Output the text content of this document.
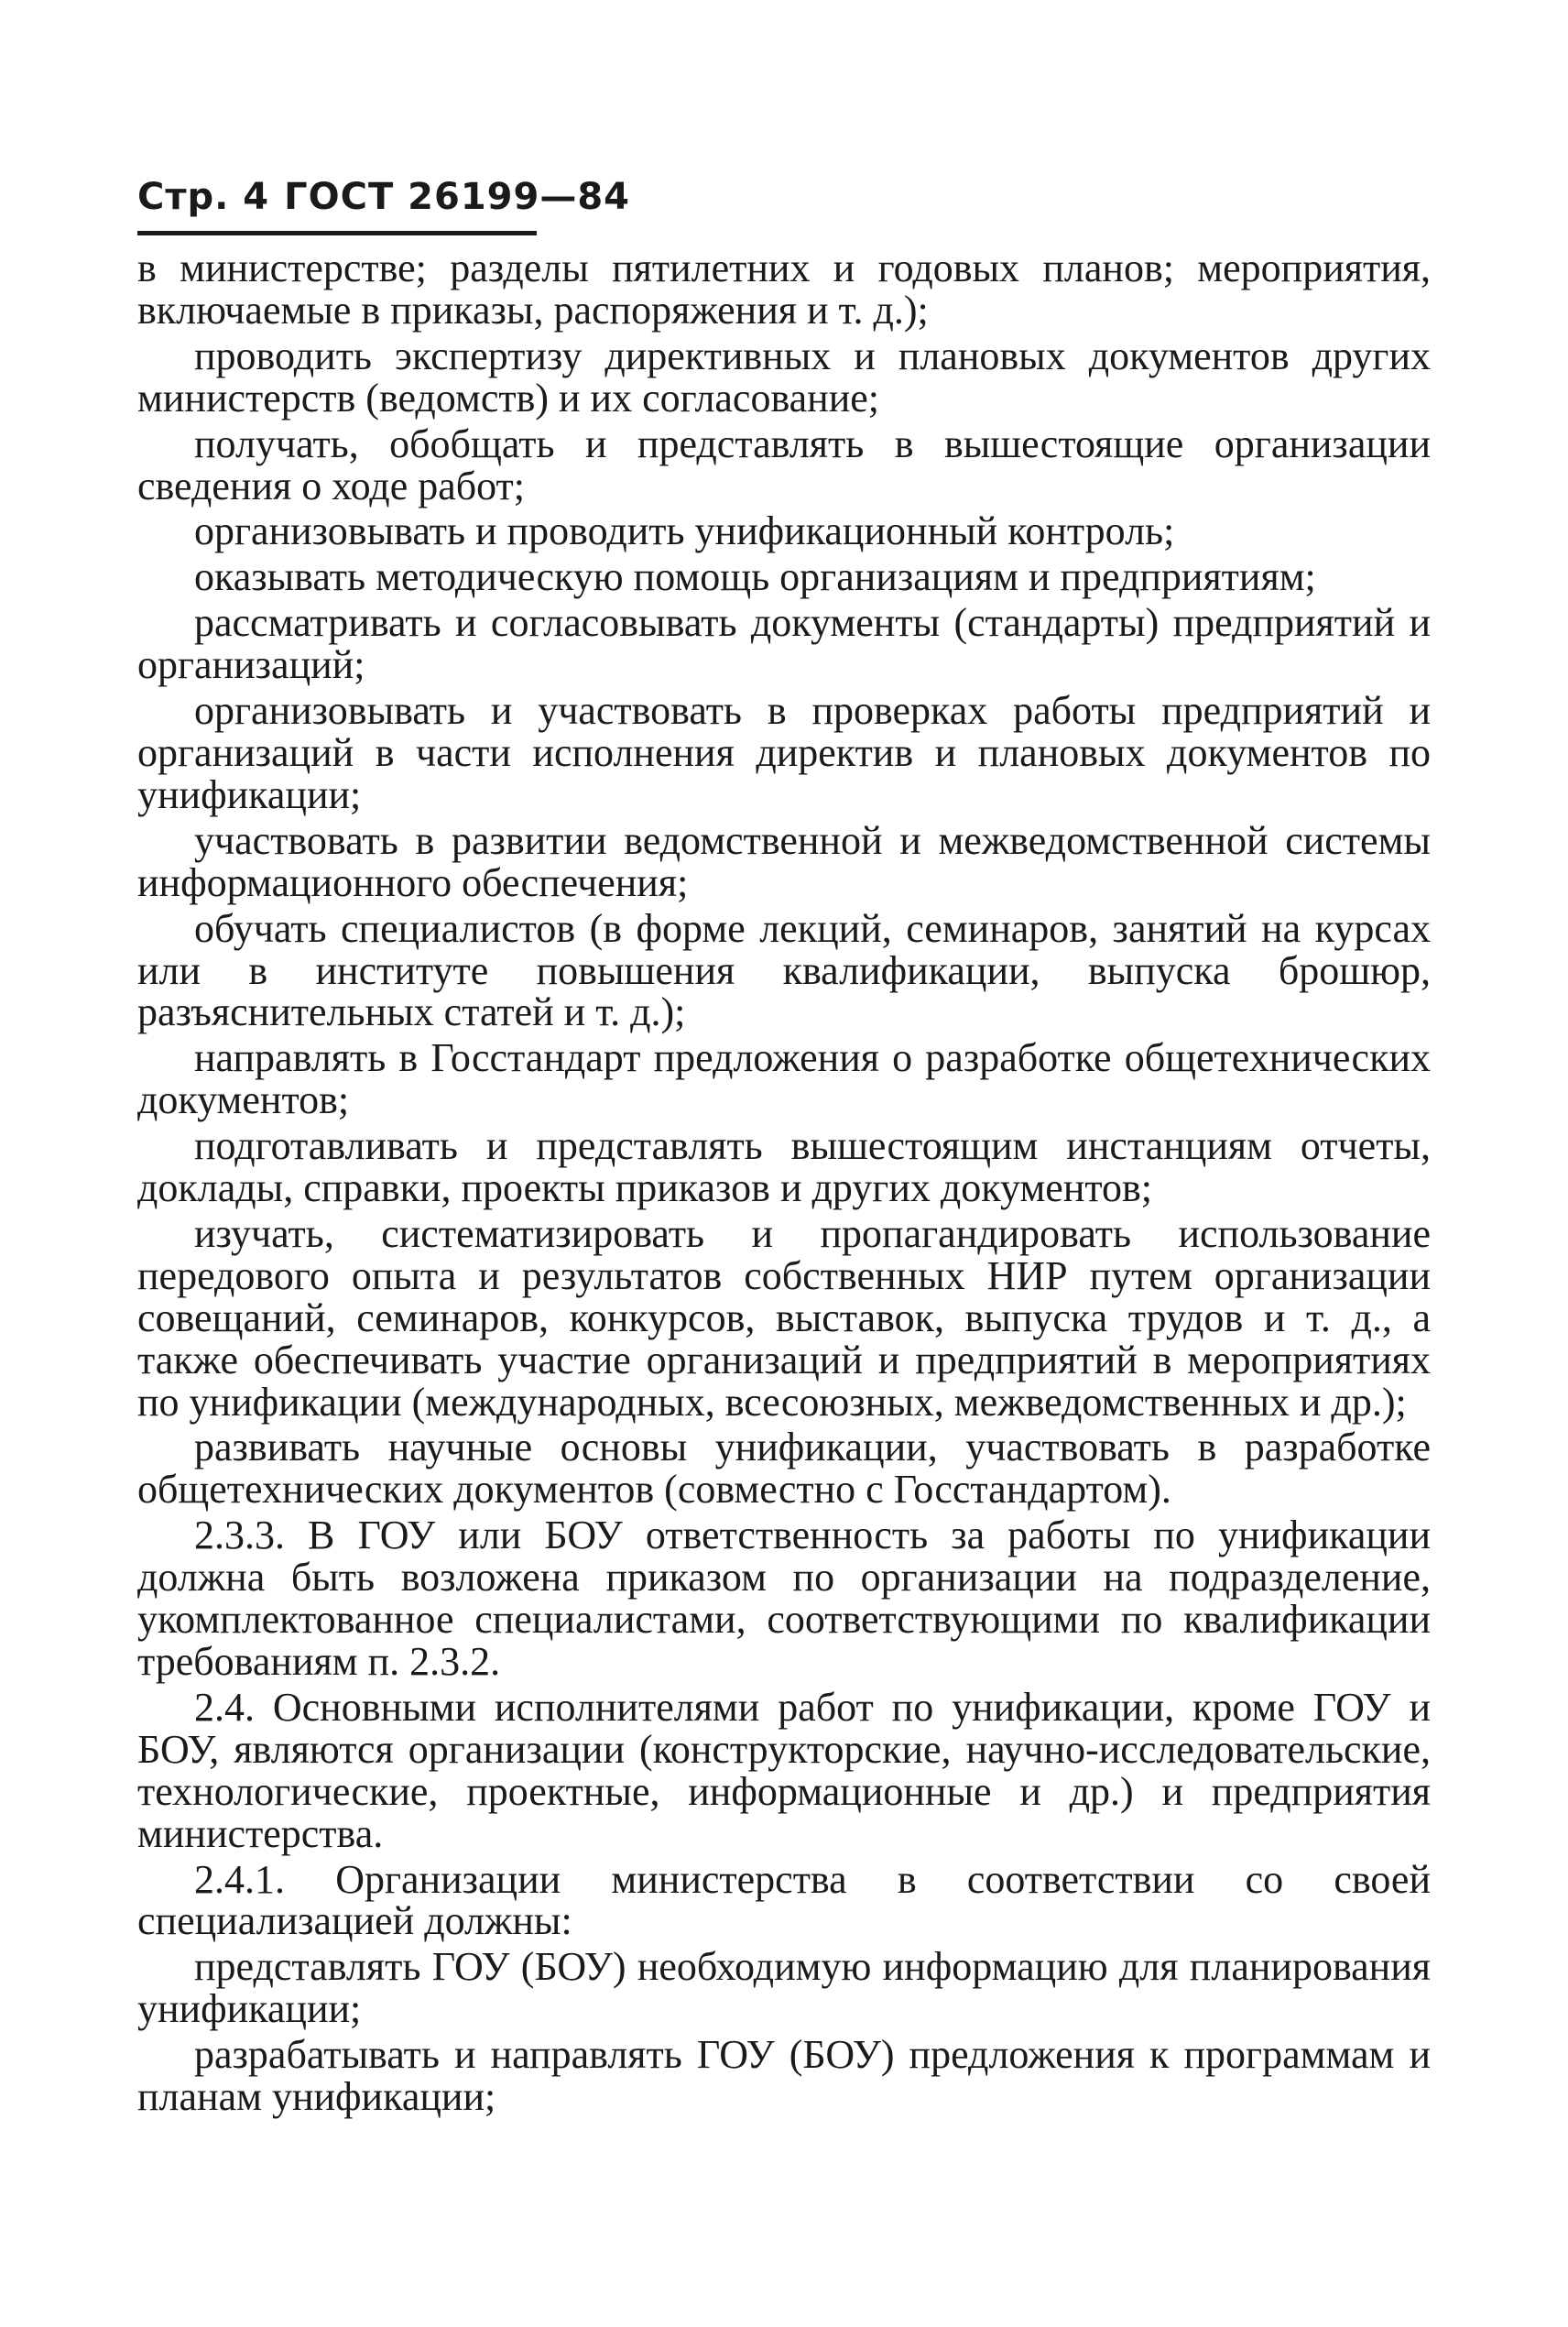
Стр. 4 ГОСТ 26199—84

в министерстве; разделы пятилетних и годовых планов; мероприятия, включаемые в приказы, распоряжения и т. д.);

проводить экспертизу директивных и плановых документов других министерств (ведомств) и их согласование;

получать, обобщать и представлять в вышестоящие организации сведения о ходе работ;

организовывать и проводить унификационный контроль;

оказывать методическую помощь организациям и предприятиям;

рассматривать и согласовывать документы (стандарты) предприятий и организаций;

организовывать и участвовать в проверках работы предприятий и организаций в части исполнения директив и плановых документов по унификации;

участвовать в развитии ведомственной и межведомственной системы информационного обеспечения;

обучать специалистов (в форме лекций, семинаров, занятий на курсах или в институте повышения квалификации, выпуска брошюр, разъяснительных статей и т. д.);

направлять в Госстандарт предложения о разработке общетехнических документов;

подготавливать и представлять вышестоящим инстанциям отчеты, доклады, справки, проекты приказов и других документов;

изучать, систематизировать и пропагандировать использование передового опыта и результатов собственных НИР путем организации совещаний, семинаров, конкурсов, выставок, выпуска трудов и т. д., а также обеспечивать участие организаций и предприятий в мероприятиях по унификации (международных, всесоюзных, межведомственных и др.);

развивать научные основы унификации, участвовать в разработке общетехнических документов (совместно с Госстандартом).

2.3.3. В ГОУ или БОУ ответственность за работы по унификации должна быть возложена приказом по организации на подразделение, укомплектованное специалистами, соответствующими по квалификации требованиям п. 2.3.2.

2.4. Основными исполнителями работ по унификации, кроме ГОУ и БОУ, являются организации (конструкторские, научно-исследовательские, технологические, проектные, информационные и др.) и предприятия министерства.

2.4.1. Организации министерства в соответствии со своей специализацией должны:

представлять ГОУ (БОУ) необходимую информацию для планирования унификации;

разрабатывать и направлять ГОУ (БОУ) предложения к программам и планам унификации;
